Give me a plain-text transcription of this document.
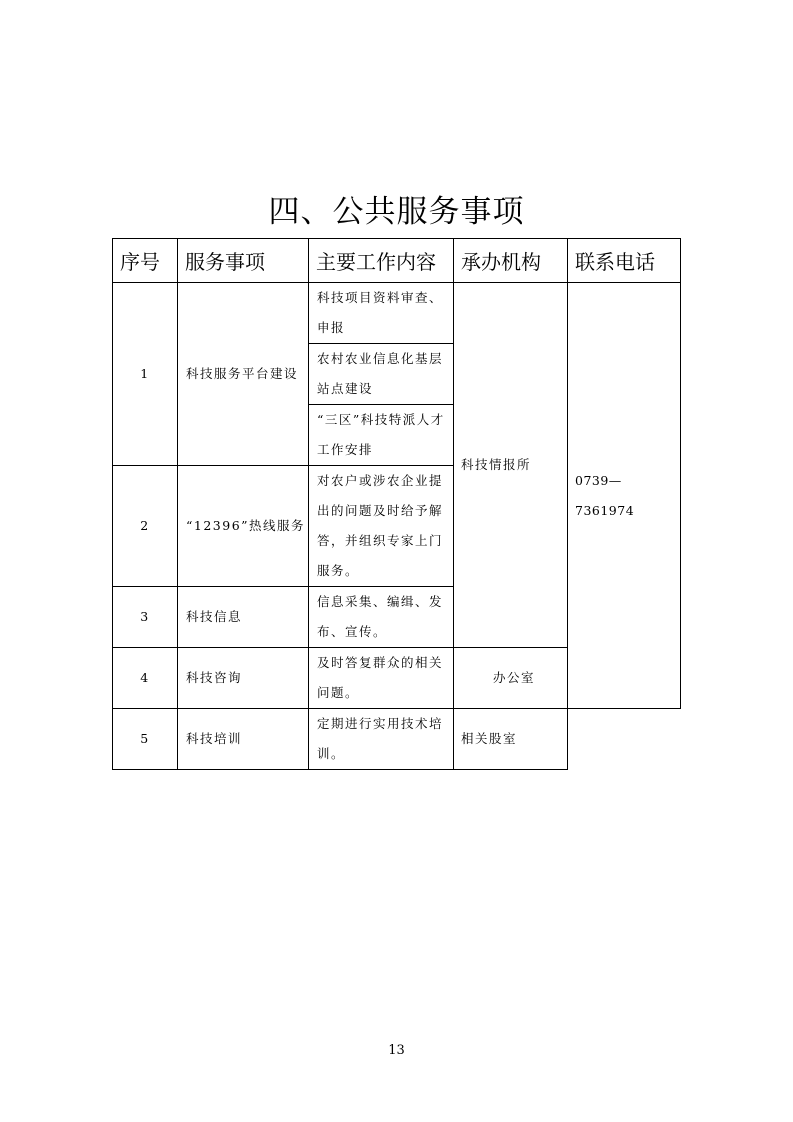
四、公共服务事项
序号	服务事项	主要工作内容	承办机构	联系电话
1	科技服务平台建设	科技项目资料审查、申报	科技情报所	0739—7361974
		农村农业信息化基层站点建设		
		“三区”科技特派人才工作安排		
2	“12396”热线服务	对农户或涉农企业提出的问题及时给予解答，并组织专家上门服务。		
3	科技信息	信息采集、编缉、发布、宣传。		
4	科技咨询	及时答复群众的相关问题。	办公室	
5	科技培训	定期进行实用技术培训。	相关股室	
13
